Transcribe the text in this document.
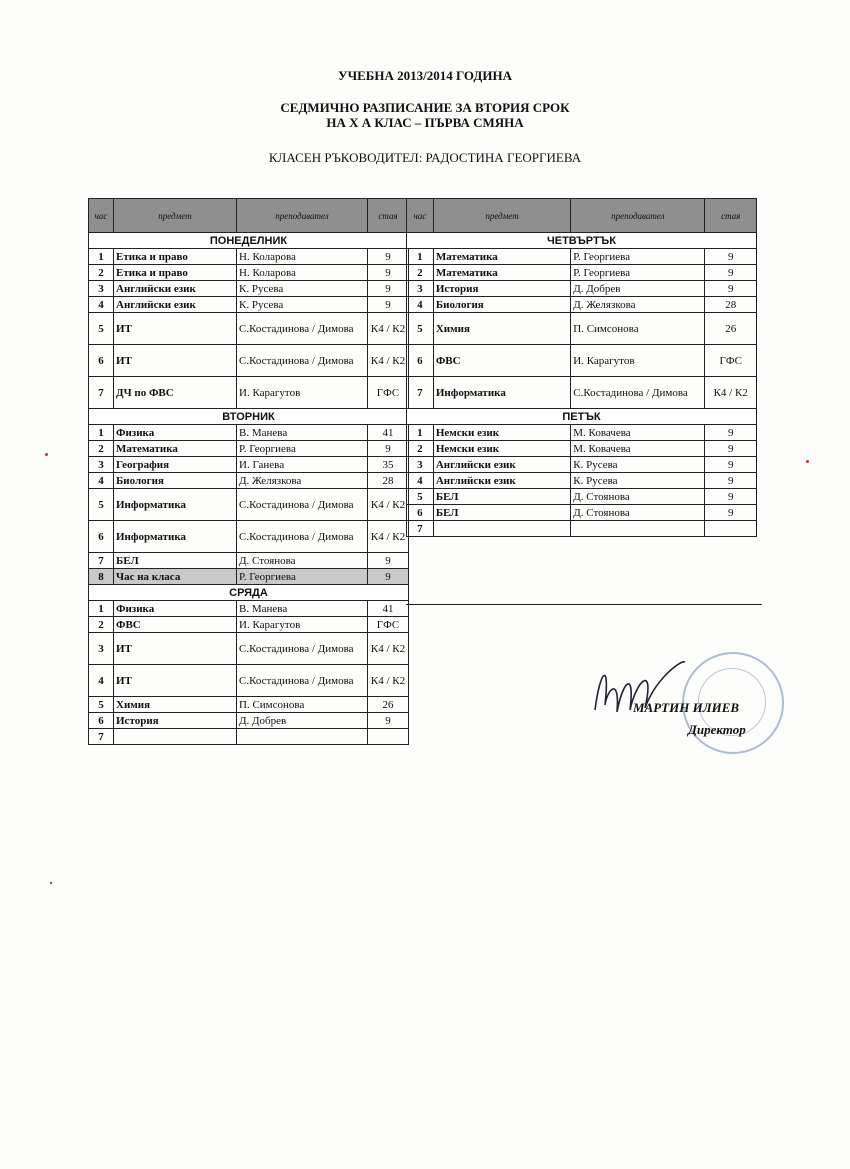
УЧЕБНА 2013/2014 ГОДИНА
СЕДМИЧНО РАЗПИСАНИЕ ЗА ВТОРИЯ СРОК
НА Х А КЛАС – ПЪРВА СМЯНА
КЛАСЕН РЪКОВОДИТЕЛ: РАДОСТИНА ГЕОРГИЕВА
час	предмет	преподавател	стая
ПОНЕДЕЛНИК			
1	Етика и право	Н. Коларова	9
2	Етика и право	Н. Коларова	9
3	Английски език	К. Русева	9
4	Английски език	К. Русева	9
5	ИТ	С.Костадинова / Димова	К4 / К2
6	ИТ	С.Костадинова / Димова	К4 / К2
7	ДЧ по ФВС	И. Карагутов	ГФС
ВТОРНИК			
1	Физика	В. Манева	41
2	Математика	Р. Георгиева	9
3	География	И. Ганева	35
4	Биология	Д. Желязкова	28
5	Информатика	С.Костадинова / Димова	К4 / К2
6	Информатика	С.Костадинова / Димова	К4 / К2
7	БЕЛ	Д. Стоянова	9
8	Час на класа	Р. Георгиева	9
СРЯДА			
1	Физика	В. Манева	41
2	ФВС	И. Карагутов	ГФС
3	ИТ	С.Костадинова / Димова	К4 / К2
4	ИТ	С.Костадинова / Димова	К4 / К2
5	Химия	П. Симсонова	26
6	История	Д. Добрев	9
7			
час	предмет	преподавател	стая
ЧЕТВЪРТЪК			
1	Математика	Р. Георгиева	9
2	Математика	Р. Георгиева	9
3	История	Д. Добрев	9
4	Биология	Д. Желязкова	28
5	Химия	П. Симсонова	26
6	ФВС	И. Карагутов	ГФС
7	Информатика	С.Костадинова / Димова	К4 / К2
ПЕТЪК			
1	Немски език	М. Ковачева	9
2	Немски език	М. Ковачева	9
3	Английски език	К. Русева	9
4	Английски език	К. Русева	9
5	БЕЛ	Д. Стоянова	9
6	БЕЛ	Д. Стоянова	9
7			
МАРТИН ИЛИЕВ
Директор
